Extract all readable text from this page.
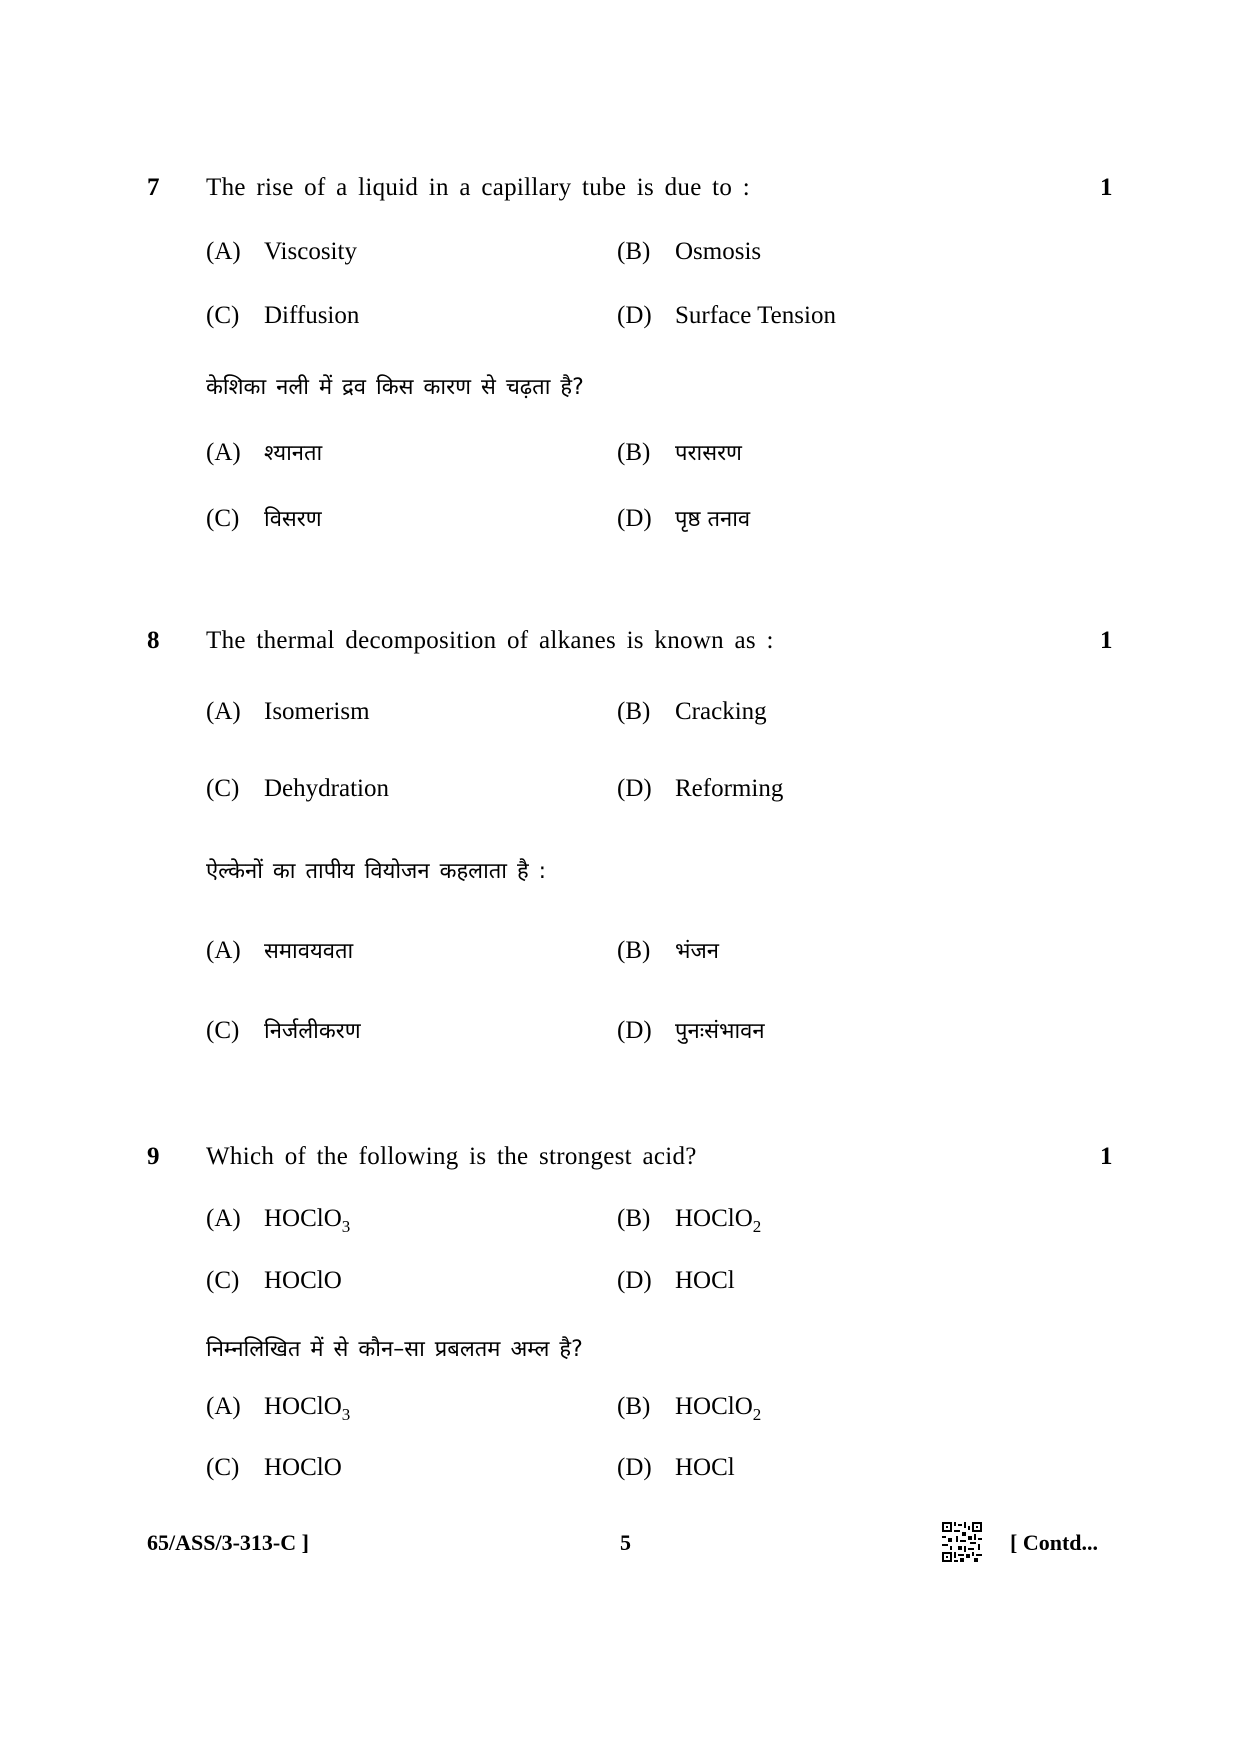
7 The rise of a liquid in a capillary tube is due to :	1
(A) Viscosity	(B) Osmosis
(C) Diffusion	(D) Surface Tension
केशिका नली में द्रव किस कारण से चढ़ता है?
(A) श्यानता	(B) परासरण
(C) विसरण	(D) पृष्ठ तनाव
8 The thermal decomposition of alkanes is known as :	1
(A) Isomerism	(B) Cracking
(C) Dehydration	(D) Reforming
ऐल्केनों का तापीय वियोजन कहलाता है :
(A) समावयवता	(B) भंजन
(C) निर्जलीकरण	(D) पुनःसंभावन
9 Which of the following is the strongest acid?	1
(A) HOClO$_3$	(B) HOClO$_2$
(C) HOClO	(D) HOCl
निम्नलिखित में से कौन–सा प्रबलतम अम्ल है?
(A) HOClO$_3$	(B) HOClO$_2$
(C) HOClO	(D) HOCl
65/ASS/3-313-C ]	5	[ Contd...
